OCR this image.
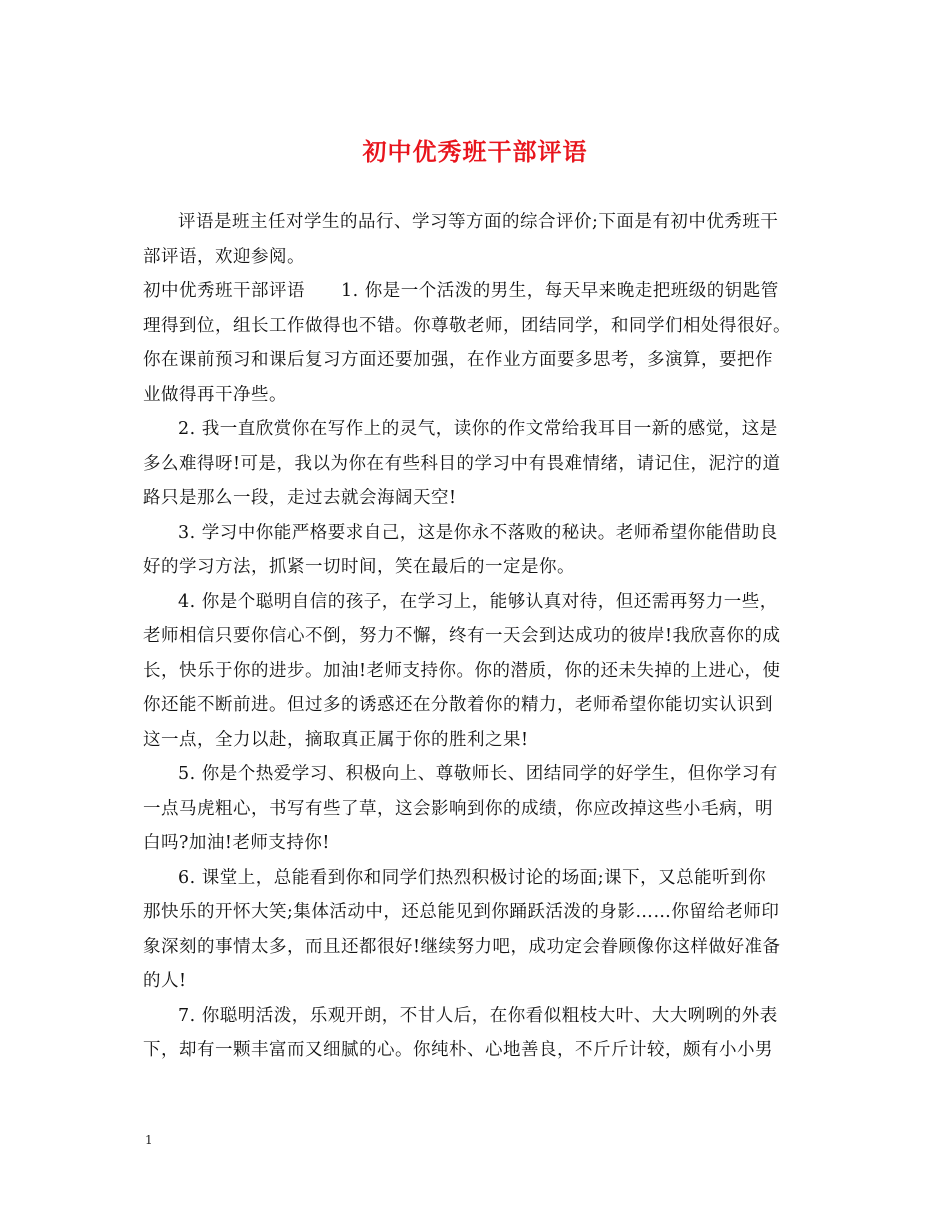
初中优秀班干部评语
评语是班主任对学生的品行、学习等方面的综合评价;下面是有初中优秀班干
部评语，欢迎参阅。
初中优秀班干部评语　　1. 你是一个活泼的男生，每天早来晚走把班级的钥匙管
理得到位，组长工作做得也不错。你尊敬老师，团结同学，和同学们相处得很好。
你在课前预习和课后复习方面还要加强，在作业方面要多思考，多演算，要把作
业做得再干净些。
2. 我一直欣赏你在写作上的灵气，读你的作文常给我耳目一新的感觉，这是
多么难得呀!可是，我以为你在有些科目的学习中有畏难情绪，请记住，泥泞的道
路只是那么一段，走过去就会海阔天空!
3. 学习中你能严格要求自己，这是你永不落败的秘诀。老师希望你能借助良
好的学习方法，抓紧一切时间，笑在最后的一定是你。
4. 你是个聪明自信的孩子，在学习上，能够认真对待，但还需再努力一些，
老师相信只要你信心不倒，努力不懈，终有一天会到达成功的彼岸!我欣喜你的成
长，快乐于你的进步。加油!老师支持你。你的潜质，你的还未失掉的上进心，使
你还能不断前进。但过多的诱惑还在分散着你的精力，老师希望你能切实认识到
这一点，全力以赴，摘取真正属于你的胜利之果!
5. 你是个热爱学习、积极向上、尊敬师长、团结同学的好学生，但你学习有
一点马虎粗心，书写有些了草，这会影响到你的成绩，你应改掉这些小毛病，明
白吗?加油!老师支持你!
6. 课堂上，总能看到你和同学们热烈积极讨论的场面;课下，又总能听到你
那快乐的开怀大笑;集体活动中，还总能见到你踊跃活泼的身影……你留给老师印
象深刻的事情太多，而且还都很好!继续努力吧，成功定会眷顾像你这样做好准备
的人!
7. 你聪明活泼，乐观开朗，不甘人后，在你看似粗枝大叶、大大咧咧的外表
下，却有一颗丰富而又细腻的心。你纯朴、心地善良，不斤斤计较，颇有小小男
1
